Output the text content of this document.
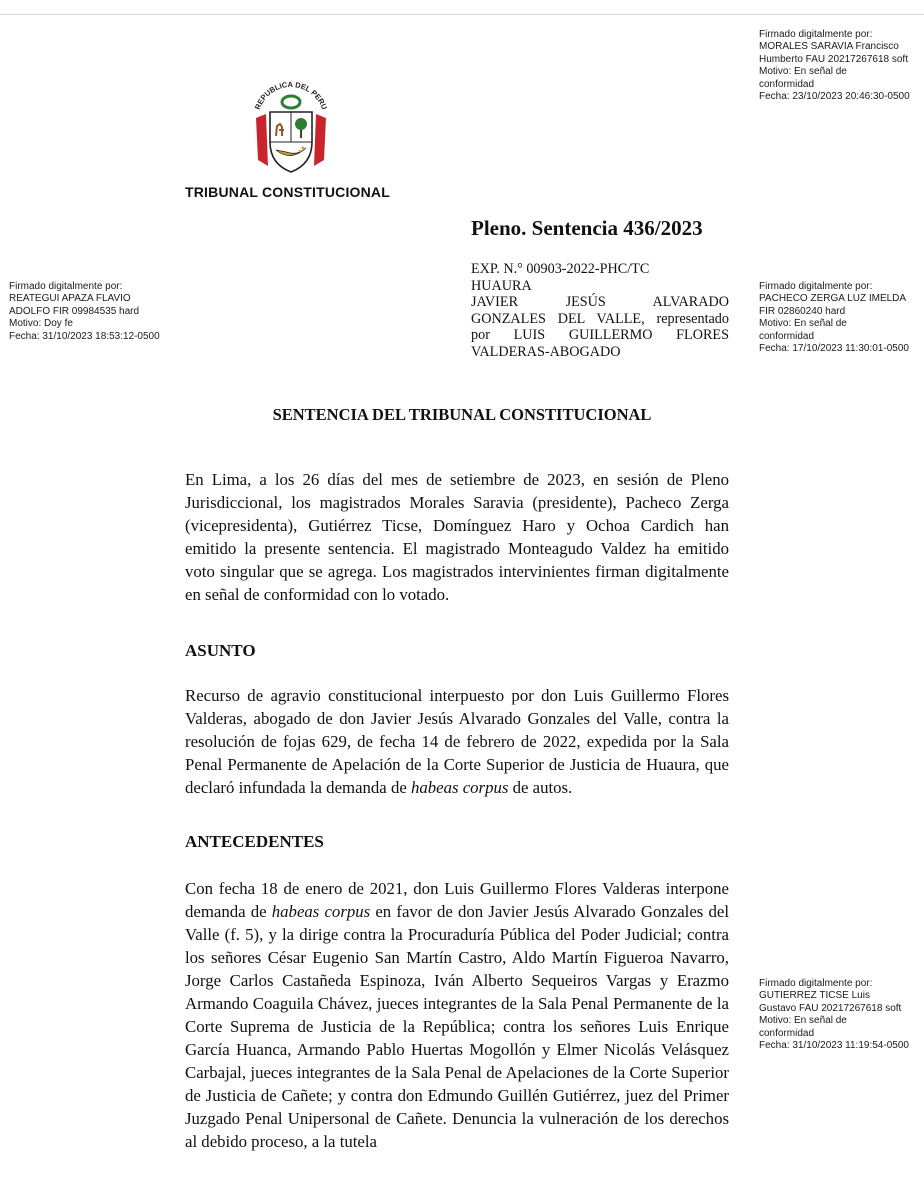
Firmado digitalmente por:
MORALES SARAVIA Francisco
Humberto FAU 20217267618 soft
Motivo: En señal de
conformidad
Fecha: 23/10/2023 20:46:30-0500
Firmado digitalmente por:
REATEGUI APAZA FLAVIO
ADOLFO FIR 09984535 hard
Motivo: Doy fe
Fecha: 31/10/2023 18:53:12-0500
Firmado digitalmente por:
PACHECO ZERGA LUZ IMELDA
FIR 02860240 hard
Motivo: En señal de
conformidad
Fecha: 17/10/2023 11:30:01-0500
Firmado digitalmente por:
GUTIERREZ TICSE Luis
Gustavo FAU 20217267618 soft
Motivo: En señal de
conformidad
Fecha: 31/10/2023 11:19:54-0500
REPUBLICA DEL PERU
TRIBUNAL CONSTITUCIONAL
Pleno. Sentencia 436/2023
EXP. N.° 00903-2022-PHC/TC
HUAURA
JAVIER JESÚS ALVARADO
GONZALES DEL VALLE, representado
por LUIS GUILLERMO FLORES
VALDERAS-ABOGADO
SENTENCIA DEL TRIBUNAL CONSTITUCIONAL

En Lima, a los 26 días del mes de setiembre de 2023, en sesión de Pleno Jurisdiccional, los magistrados Morales Saravia (presidente), Pacheco Zerga (vicepresidenta), Gutiérrez Ticse, Domínguez Haro y Ochoa Cardich han emitido la presente sentencia. El magistrado Monteagudo Valdez ha emitido voto singular que se agrega. Los magistrados intervinientes firman digitalmente en señal de conformidad con lo votado.

ASUNTO

Recurso de agravio constitucional interpuesto por don Luis Guillermo Flores Valderas, abogado de don Javier Jesús Alvarado Gonzales del Valle, contra la resolución de fojas 629, de fecha 14 de febrero de 2022, expedida por la Sala Penal Permanente de Apelación de la Corte Superior de Justicia de Huaura, que declaró infundada la demanda de habeas corpus de autos.

ANTECEDENTES

Con fecha 18 de enero de 2021, don Luis Guillermo Flores Valderas interpone demanda de habeas corpus en favor de don Javier Jesús Alvarado Gonzales del Valle (f. 5), y la dirige contra la Procuraduría Pública del Poder Judicial; contra los señores César Eugenio San Martín Castro, Aldo Martín Figueroa Navarro, Jorge Carlos Castañeda Espinoza, Iván Alberto Sequeiros Vargas y Erazmo Armando Coaguila Chávez, jueces integrantes de la Sala Penal Permanente de la Corte Suprema de Justicia de la República; contra los señores Luis Enrique García Huanca, Armando Pablo Huertas Mogollón y Elmer Nicolás Velásquez Carbajal, jueces integrantes de la Sala Penal de Apelaciones de la Corte Superior de Justicia de Cañete; y contra don Edmundo Guillén Gutiérrez, juez del Primer Juzgado Penal Unipersonal de Cañete. Denuncia la vulneración de los derechos al debido proceso, a la tutela
